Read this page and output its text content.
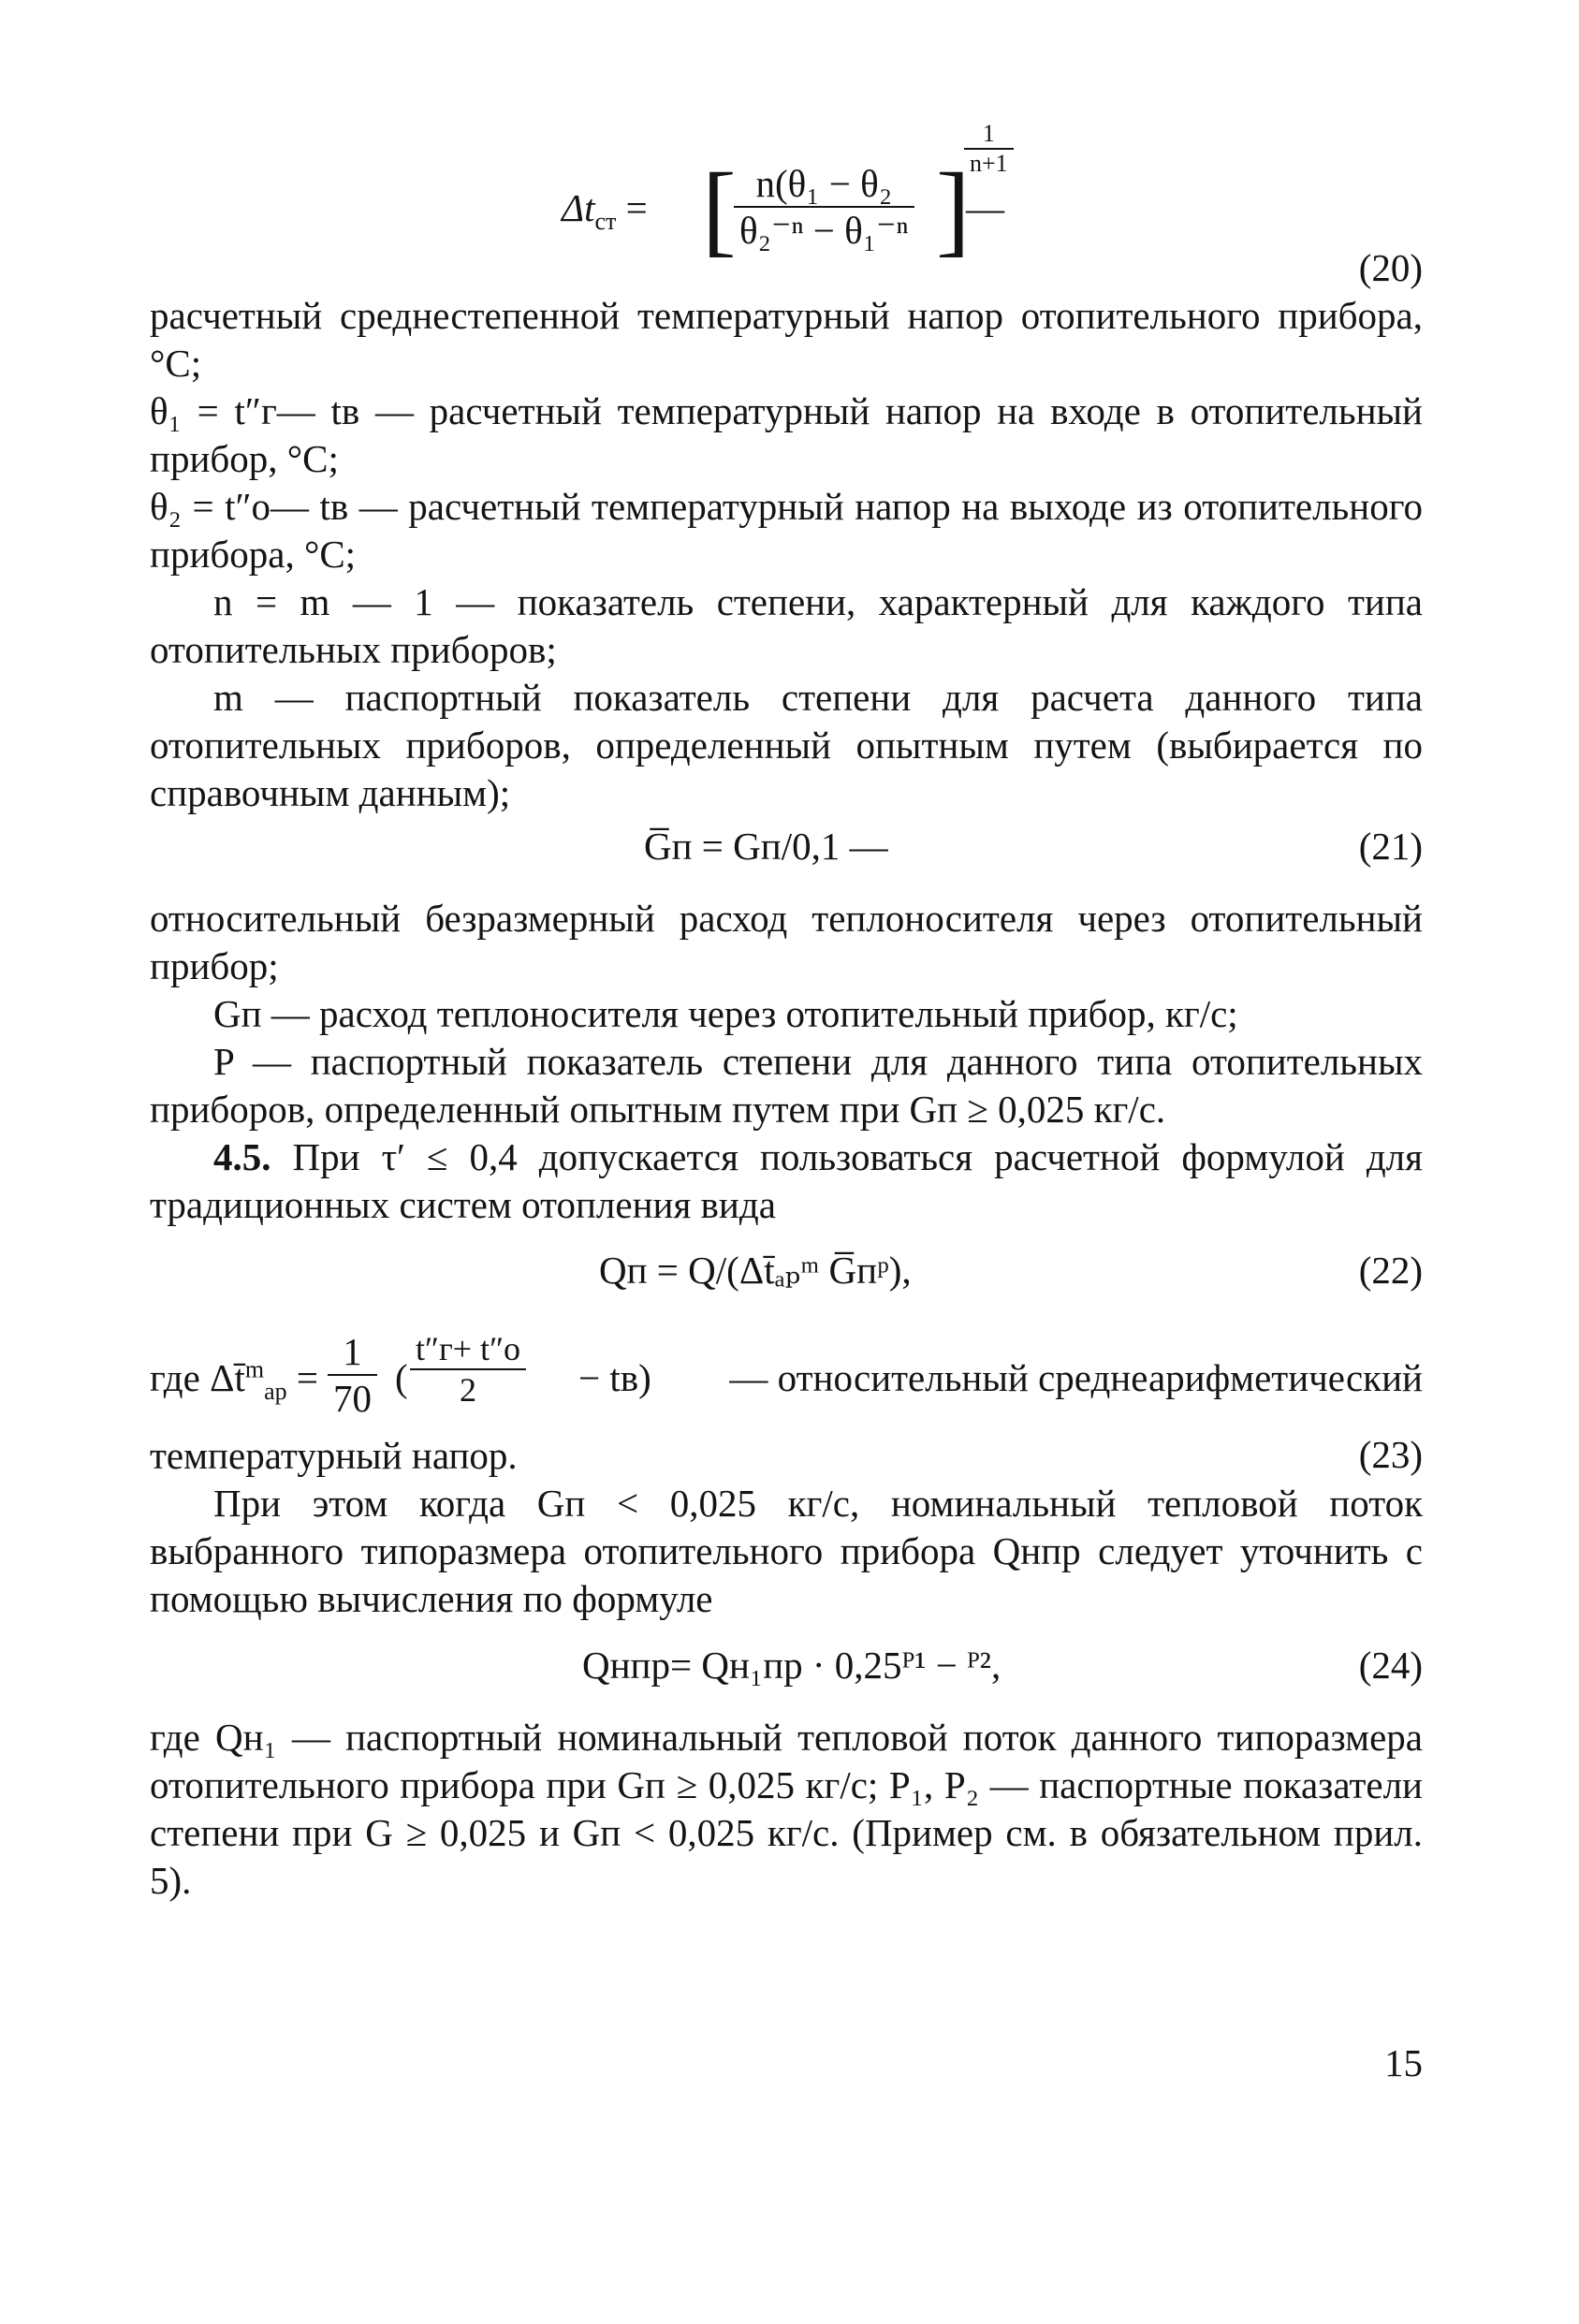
$\Delta t_{ст}$ = [
$\frac{\text{n(θ₁ − θ₂}}{\text{θ₂⁻ⁿ − θ₁⁻ⁿ}}$ ]
$\frac{1}{n+1}$
—
(20)

расчетный среднестепенной температурный напор отопительного прибора, °С;

θ₁ = t″г— tв — расчетный температурный напор на входе в отопительный прибор, °С;

θ₂ = t″о— tв — расчетный температурный напор на выходе из отопительного прибора, °С;

n = m — 1 — показатель степени, характерный для каждого типа отопительных приборов;

m — паспортный показатель степени для расчета данного типа отопительных приборов, определенный опытным путем (выбирается по справочным данным);

G̅п = Gп/0,1 —	(21)

относительный безразмерный расход теплоносителя через отопительный прибор;

Gп — расход теплоносителя через отопительный прибор, кг/с;

P — паспортный показатель степени для данного типа отопительных приборов, определенный опытным путем при Gп ≥ 0,025 кг/с.

4.5. При τ′ ≤ 0,4 допускается пользоваться расчетной формулой для традиционных систем отопления вида

Qп = Q/(Δt̄ₐₚᵐ G̅пᵖ),	(22)
где Δt̄$^m_{ар}$ = $\frac{1}{70}$ (
t″г+ t″о
2	− tв) — относительный среднеарифметический

температурный напор.	(23)

При этом когда Gп < 0,025 кг/с, номинальный тепловой поток выбранного типоразмера отопительного прибора Qнпр следует уточнить с помощью вычисления по формуле

Qнпр= Qн₁пр · 0,25ᴾ¹ − ᴾ²,	(24)

где Qн₁ — паспортный номинальный тепловой поток данного типоразмера отопительного прибора при Gп ≥ 0,025 кг/с; P₁, P₂ — паспортные показатели степени при G ≥ 0,025 и Gп < 0,025 кг/с. (Пример см. в обязательном прил. 5).

15
